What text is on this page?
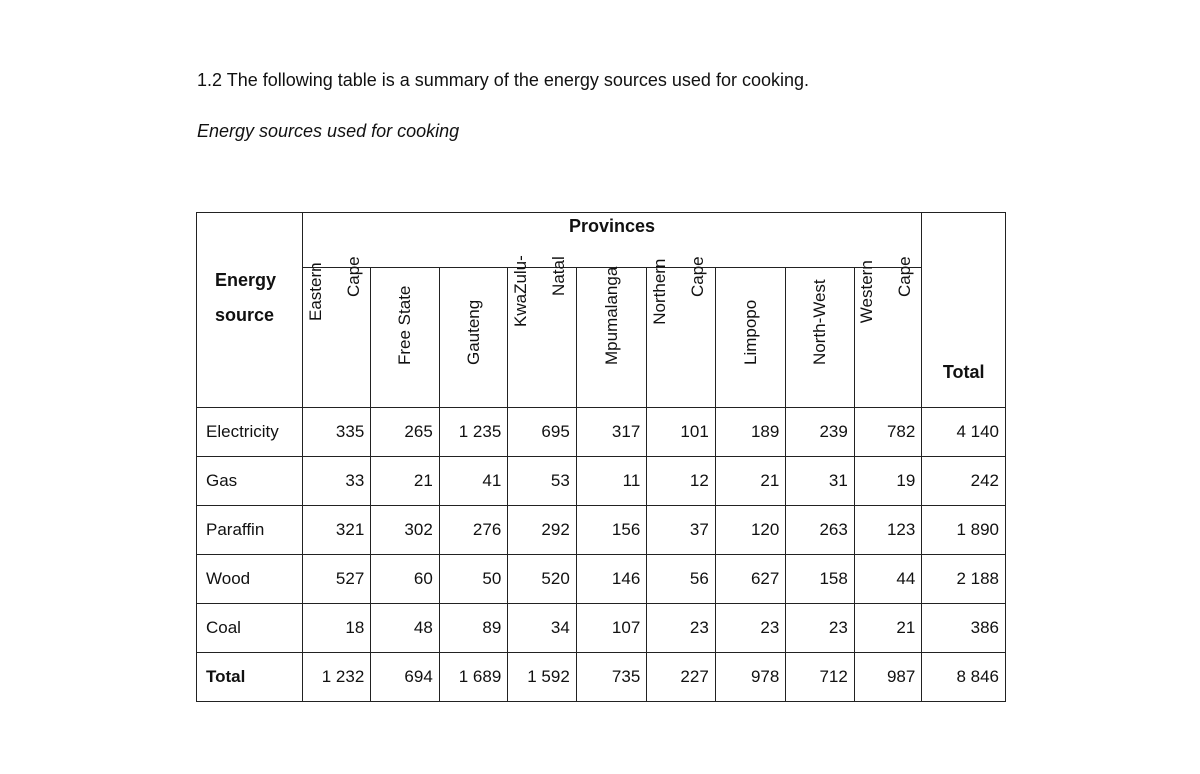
1.2 The following table is a summary of the energy sources used for cooking.
Energy sources used for cooking
Energy
source	Provinces									Total

	Eastern Cape	Free State	Gauteng	KwaZulu- Natal	Mpumalanga	Northern Cape	Limpopo	North-West	Western Cape	

Electricity	335	265	1 235	695	317	101	189	239	782	4 140
Gas	33	21	41	53	11	12	21	31	19	242
Paraffin	321	302	276	292	156	37	120	263	123	1 890
Wood	527	60	50	520	146	56	627	158	44	2 188
Coal	18	48	89	34	107	23	23	23	21	386
Total	1 232	694	1 689	1 592	735	227	978	712	987	8 846
